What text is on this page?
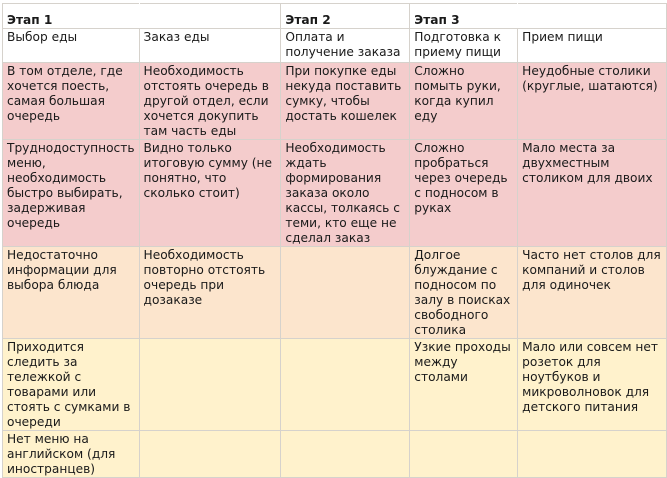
Этап 1		Этап 2	Этап 3	
Выбор еды	Заказ еды	Оплата и получение заказа	Подготовка к приему пищи	Прием пищи
В том отделе, где хочется поесть, самая большая очередь	Необходимость отстоять очередь в другой отдел, если хочется докупить там часть еды	При покупке еды некуда поставить сумку, чтобы достать кошелек	Сложно помыть руки, когда купил еду	Неудобные столики (круглые, шатаются)
Труднодоступность меню, необходимость быстро выбирать, задерживая очередь	Видно только итоговую сумму (не понятно, что сколько стоит)	Необходимость ждать формирования заказа около кассы, толкаясь с теми, кто еще не сделал заказ	Сложно пробраться через очередь с подносом в руках	Мало места за двухместным столиком для двоих
Недостаточно информации для выбора блюда	Необходимость повторно отстоять очередь при дозаказе		Долгое блуждание с подносом по залу в поисках свободного столика	Часто нет столов для компаний и столов для одиночек
Приходится следить за тележкой с товарами или стоять с сумками в очереди			Узкие проходы между столами	Мало или совсем нет розеток для ноутбуков и микроволновок для детского питания
Нет меню на английском (для иностранцев)				
